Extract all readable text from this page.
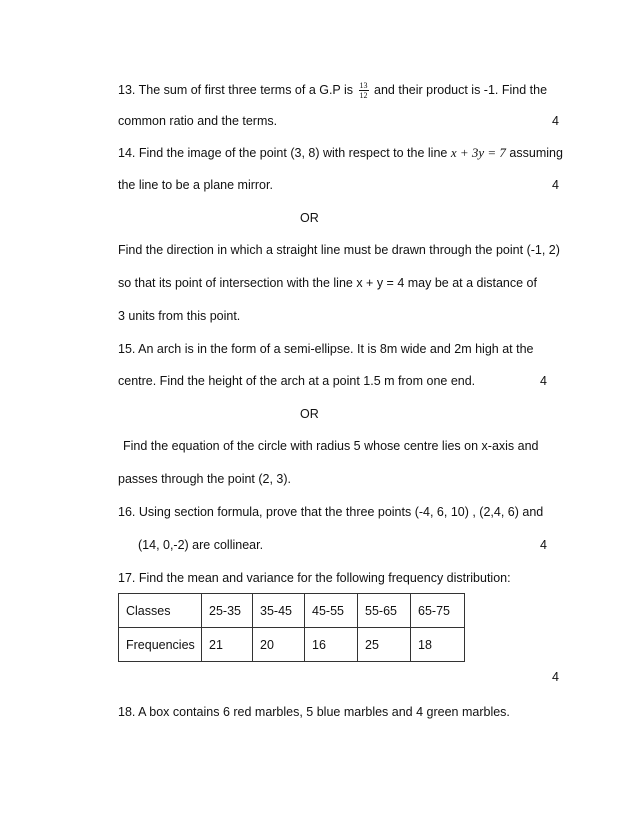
13. The sum of first three terms of a G.P is $\frac{13}{12}$ and their product is -1. Find the
common ratio and the terms.	4
14. Find the image of the point (3, 8) with respect to the line x + 3y = 7 assuming
the line to be a plane mirror.	4
OR
Find the direction in which a straight line must be drawn through the point (-1, 2)
so that its point of intersection with the line x + y = 4 may be at a distance of
3 units from this point.
15. An arch is in the form of a semi-ellipse. It is 8m wide and 2m high at the
centre. Find the height of the arch at a point 1.5 m from one end.	4
OR
Find the equation of the circle with radius 5 whose centre lies on x-axis and
passes through the point (2, 3).
16. Using section formula, prove that the three points (-4, 6, 10) , (2,4, 6) and
(14, 0,-2) are collinear.	4
17. Find the mean and variance for the following frequency distribution:
Classes	25-35	35-45	45-55	55-65	65-75
Frequencies	21	20	16	25	18
4
18. A box contains 6 red marbles, 5 blue marbles and 4 green marbles.
